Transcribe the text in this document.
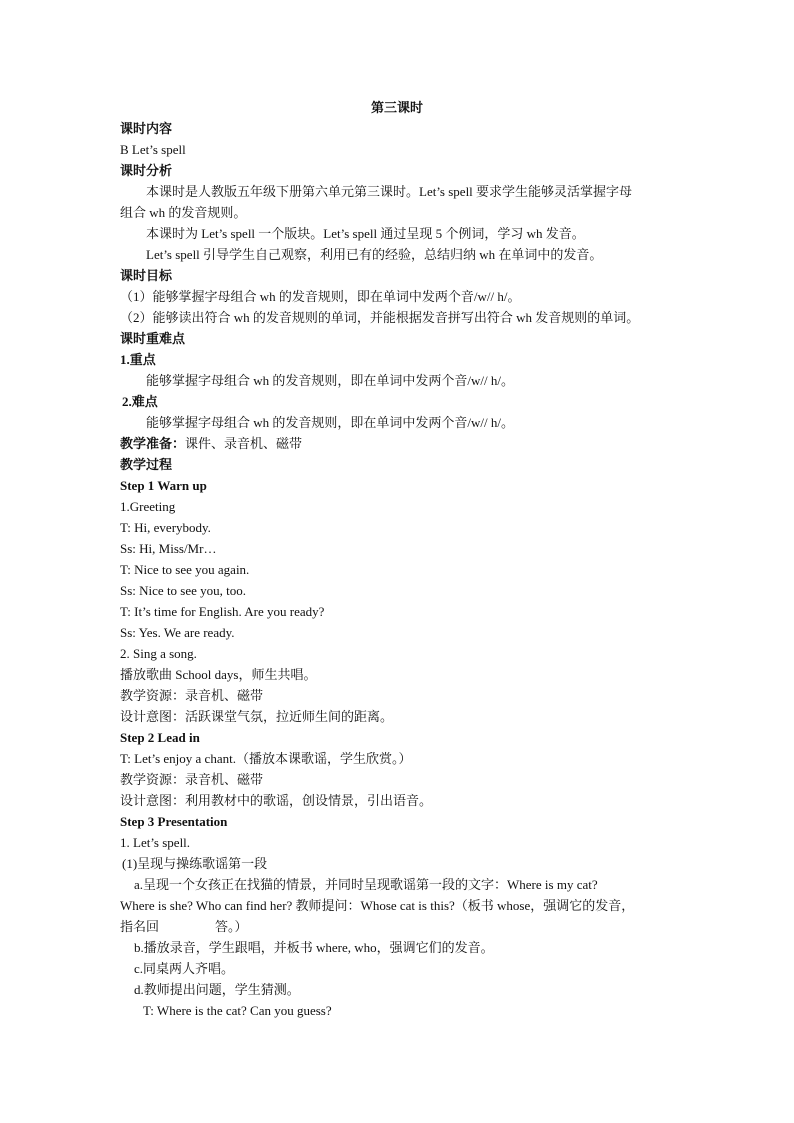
第三课时
课时内容
B Let’s spell
课时分析
本课时是人教版五年级下册第六单元第三课时。Let’s spell 要求学生能够灵活掌握字母
组合 wh 的发音规则。
本课时为 Let’s spell 一个版块。Let’s spell 通过呈现 5 个例词，学习 wh 发音。
Let’s spell 引导学生自己观察，利用已有的经验，总结归纳 wh 在单词中的发音。
课时目标
（1）能够掌握字母组合 wh 的发音规则，即在单词中发两个音/w// h/。
（2）能够读出符合 wh 的发音规则的单词，并能根据发音拼写出符合 wh 发音规则的单词。
课时重难点
1.重点
能够掌握字母组合 wh 的发音规则，即在单词中发两个音/w// h/。
2.难点
能够掌握字母组合 wh 的发音规则，即在单词中发两个音/w// h/。
教学准备：课件、录音机、磁带
教学过程
Step 1 Warn up
1.Greeting
T: Hi, everybody.
Ss: Hi, Miss/Mr…
T: Nice to see you again.
Ss: Nice to see you, too.
T: It’s time for English. Are you ready?
Ss: Yes. We are ready.
2. Sing a song.
播放歌曲 School days，师生共唱。
教学资源：录音机、磁带
设计意图：活跃课堂气氛，拉近师生间的距离。
Step 2 Lead in
T: Let’s enjoy a chant.（播放本课歌谣，学生欣赏。）
教学资源：录音机、磁带
设计意图：利用教材中的歌谣，创设情景，引出语音。
Step 3 Presentation
1. Let’s spell.
(1)呈现与操练歌谣第一段
a.呈现一个女孩正在找猫的情景，并同时呈现歌谣第一段的文字：Where is my cat?
Where is she? Who can find her? 教师提问：Whose cat is this?（板书 whose，强调它的发音，
指名回	答。）
b.播放录音，学生跟唱，并板书 where, who，强调它们的发音。
c.同桌两人齐唱。
d.教师提出问题，学生猜测。
T: Where is the cat? Can you guess?
